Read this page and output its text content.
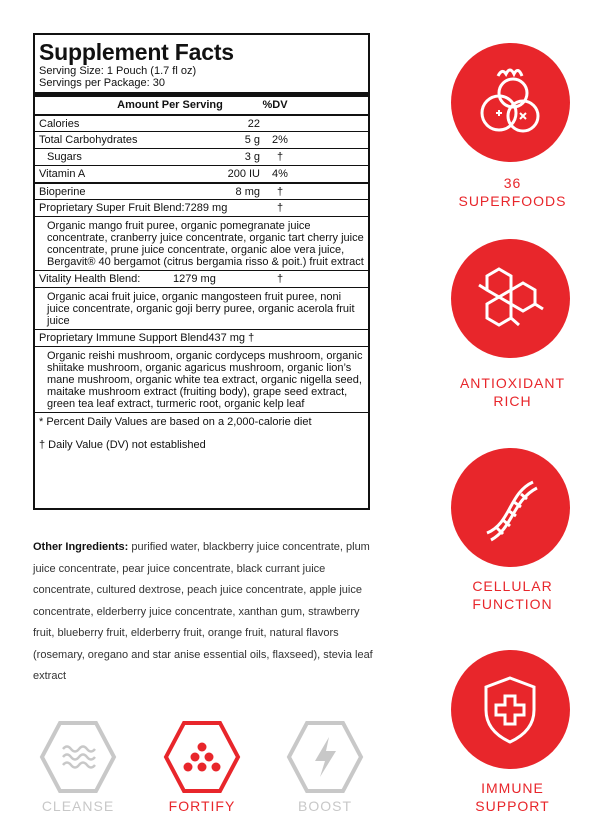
Supplement Facts
Serving Size: 1 Pouch (1.7 fl oz)
Servings per Package: 30
Amount Per Serving	%DV
Calories	22
Total Carbohydrates	5 g	2%
Sugars	3 g	†
Vitamin A	200 IU	4%
Bioperine	8 mg	†
Proprietary Super Fruit Blend:7289 mg	†
Organic mango fruit puree, organic pomegranate juice concentrate, cranberry juice concentrate, organic tart cherry juice concentrate, prune juice concentrate, organic aloe vera juice, Bergavit® 40 bergamot (citrus bergamia risso & poit.) fruit extract
Vitality Health Blend:	1279 mg	†
Organic acai fruit juice, organic mangosteen fruit puree, noni juice concentrate, organic goji berry puree, organic acerola fruit juice
Proprietary Immune Support Blend437 mg †
Organic reishi mushroom, organic cordyceps mushroom, organic shiitake mushroom, organic agaricus mushroom, organic lion’s mane mushroom, organic white tea extract, organic nigella seed, maitake mushroom extract (fruiting body), grape seed extract, green tea leaf extract, turmeric root, organic kelp leaf
* Percent Daily Values are based on a 2,000-calorie diet
† Daily Value (DV) not established
Other Ingredients: purified water, blackberry juice concentrate, plum juice concentrate, pear juice concentrate, black currant juice concentrate, cultured dextrose, peach juice concentrate, apple juice concentrate, elderberry juice concentrate, xanthan gum, strawberry fruit, blueberry fruit, elderberry fruit, orange fruit, natural flavors (rosemary, oregano and star anise essential oils, flaxseed), stevia leaf extract
CLEANSE	FORTIFY	BOOST
36
SUPERFOODS
ANTIOXIDANT
RICH
CELLULAR
FUNCTION
IMMUNE
SUPPORT
